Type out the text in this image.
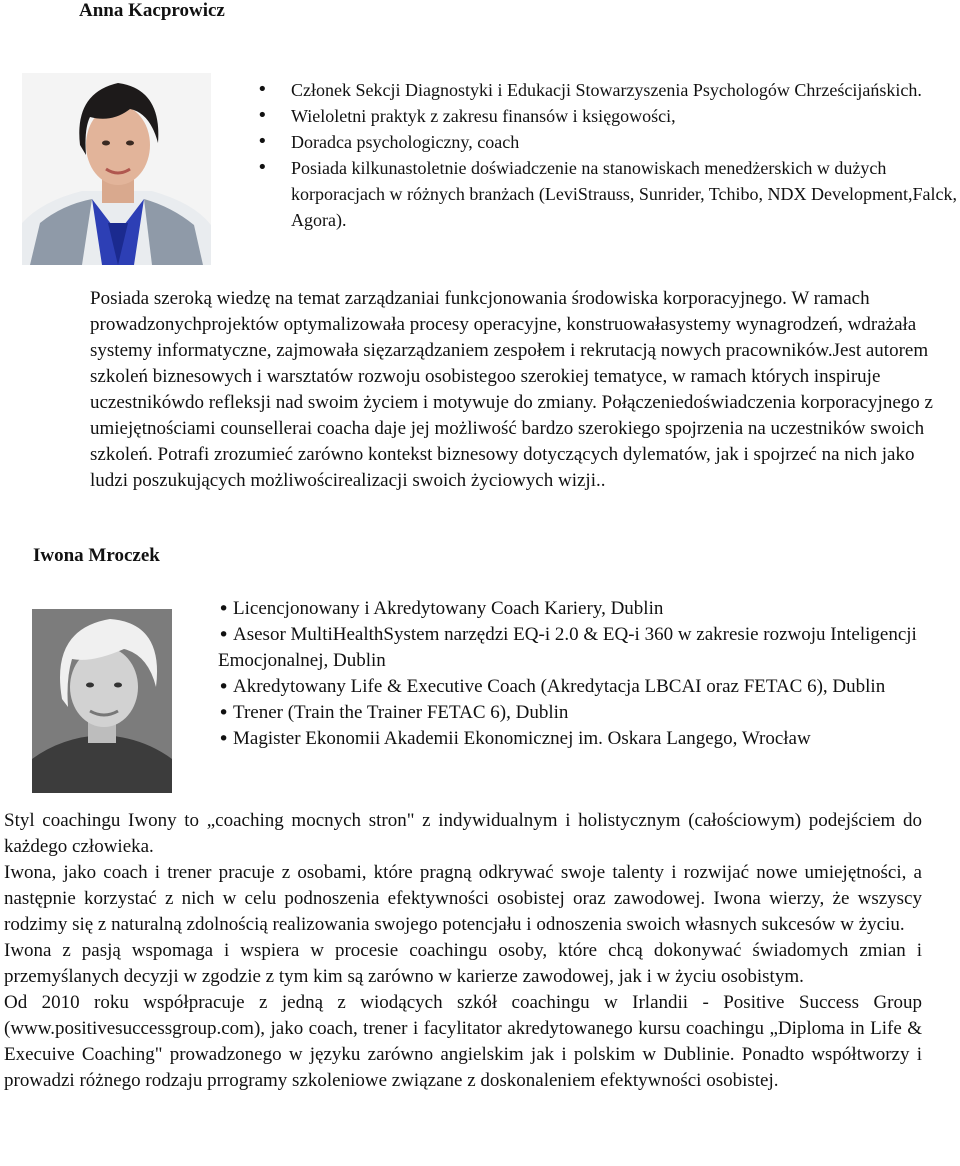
Anna Kacprowicz
• Członek Sekcji Diagnostyki i Edukacji Stowarzyszenia Psychologów Chrześcijańskich.
• Wieloletni praktyk z zakresu finansów i księgowości,
• Doradca psychologiczny, coach
• Posiada kilkunastoletnie doświadczenie na stanowiskach menedżerskich w dużych korporacjach w różnych branżach (LeviStrauss, Sunrider, Tchibo, NDX Development,Falck, Agora).

Posiada szeroką wiedzę na temat zarządzaniai funkcjonowania środowiska korporacyjnego. W ramach prowadzonychprojektów optymalizowała procesy operacyjne, konstruowałasystemy wynagrodzeń, wdrażała systemy informatyczne, zajmowała sięzarządzaniem zespołem i rekrutacją nowych pracowników.Jest autorem szkoleń biznesowych i warsztatów rozwoju osobistegoo szerokiej tematyce, w ramach których inspiruje uczestnikówdo refleksji nad swoim życiem i motywuje do zmiany. Połączeniedoświadczenia korporacyjnego z umiejętnościami counsellerai coacha daje jej możliwość bardzo szerokiego spojrzenia na uczestników swoich szkoleń. Potrafi zrozumieć zarówno kontekst biznesowy dotyczących dylematów, jak i spojrzeć na nich jako ludzi poszukujących możliwościrealizacji swoich życiowych wizji..

Iwona Mroczek
• Licencjonowany i Akredytowany Coach Kariery, Dublin
• Asesor MultiHealthSystem narzędzi EQ-i 2.0 & EQ-i 360 w zakresie rozwoju Inteligencji Emocjonalnej, Dublin
• Akredytowany Life & Executive Coach (Akredytacja LBCAI oraz FETAC 6), Dublin
• Trener (Train the Trainer FETAC 6), Dublin
• Magister Ekonomii Akademii Ekonomicznej im. Oskara Langego, Wrocław

Styl coachingu Iwony to „coaching mocnych stron" z indywidualnym i holistycznym (całościowym) podejściem do każdego człowieka.

Iwona, jako coach i trener pracuje z osobami, które pragną odkrywać swoje talenty i rozwijać nowe umiejętności, a następnie korzystać z nich w celu podnoszenia efektywności osobistej oraz zawodowej. Iwona wierzy, że wszyscy rodzimy się z naturalną zdolnością realizowania swojego potencjału i odnoszenia swoich własnych sukcesów w życiu.

Iwona z pasją wspomaga i wspiera w procesie coachingu osoby, które chcą dokonywać świadomych zmian i przemyślanych decyzji w zgodzie z tym kim są zarówno w karierze zawodowej, jak i w życiu osobistym.

Od 2010 roku współpracuje z jedną z wiodących szkół coachingu w Irlandii - Positive Success Group (www.positivesuccessgroup.com), jako coach, trener i facylitator akredytowanego kursu coachingu „Diploma in Life & Execuive Coaching" prowadzonego w języku zarówno angielskim jak i polskim w Dublinie. Ponadto współtworzy i prowadzi różnego rodzaju prrogramy szkoleniowe związane z doskonaleniem efektywności osobistej.
